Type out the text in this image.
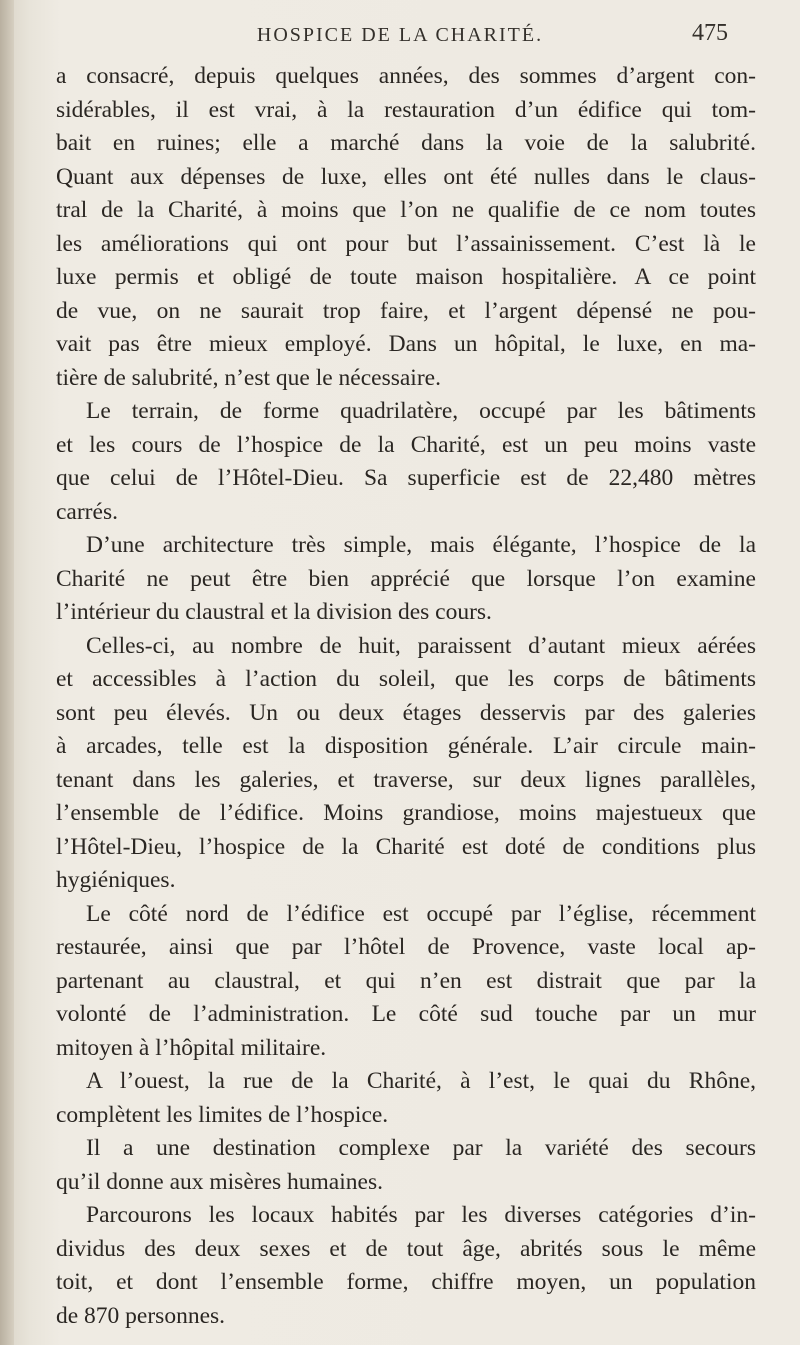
HOSPICE DE LA CHARITÉ.	475
a consacré, depuis quelques années, des sommes d’argent con-
sidérables, il est vrai, à la restauration d’un édifice qui tom-
bait en ruines; elle a marché dans la voie de la salubrité.
Quant aux dépenses de luxe, elles ont été nulles dans le claus-
tral de la Charité, à moins que l’on ne qualifie de ce nom toutes
les améliorations qui ont pour but l’assainissement. C’est là le
luxe permis et obligé de toute maison hospitalière. A ce point
de vue, on ne saurait trop faire, et l’argent dépensé ne pou-
vait pas être mieux employé. Dans un hôpital, le luxe, en ma-
tière de salubrité, n’est que le nécessaire.
Le terrain, de forme quadrilatère, occupé par les bâtiments
et les cours de l’hospice de la Charité, est un peu moins vaste
que celui de l’Hôtel-Dieu. Sa superficie est de 22,480 mètres
carrés.
D’une architecture très simple, mais élégante, l’hospice de la
Charité ne peut être bien apprécié que lorsque l’on examine
l’intérieur du claustral et la division des cours.
Celles-ci, au nombre de huit, paraissent d’autant mieux aérées
et accessibles à l’action du soleil, que les corps de bâtiments
sont peu élevés. Un ou deux étages desservis par des galeries
à arcades, telle est la disposition générale. L’air circule main-
tenant dans les galeries, et traverse, sur deux lignes parallèles,
l’ensemble de l’édifice. Moins grandiose, moins majestueux que
l’Hôtel-Dieu, l’hospice de la Charité est doté de conditions plus
hygiéniques.
Le côté nord de l’édifice est occupé par l’église, récemment
restaurée, ainsi que par l’hôtel de Provence, vaste local ap-
partenant au claustral, et qui n’en est distrait que par la
volonté de l’administration. Le côté sud touche par un mur
mitoyen à l’hôpital militaire.
A l’ouest, la rue de la Charité, à l’est, le quai du Rhône,
complètent les limites de l’hospice.
Il a une destination complexe par la variété des secours
qu’il donne aux misères humaines.
Parcourons les locaux habités par les diverses catégories d’in-
dividus des deux sexes et de tout âge, abrités sous le même
toit, et dont l’ensemble forme, chiffre moyen, un population
de 870 personnes.
